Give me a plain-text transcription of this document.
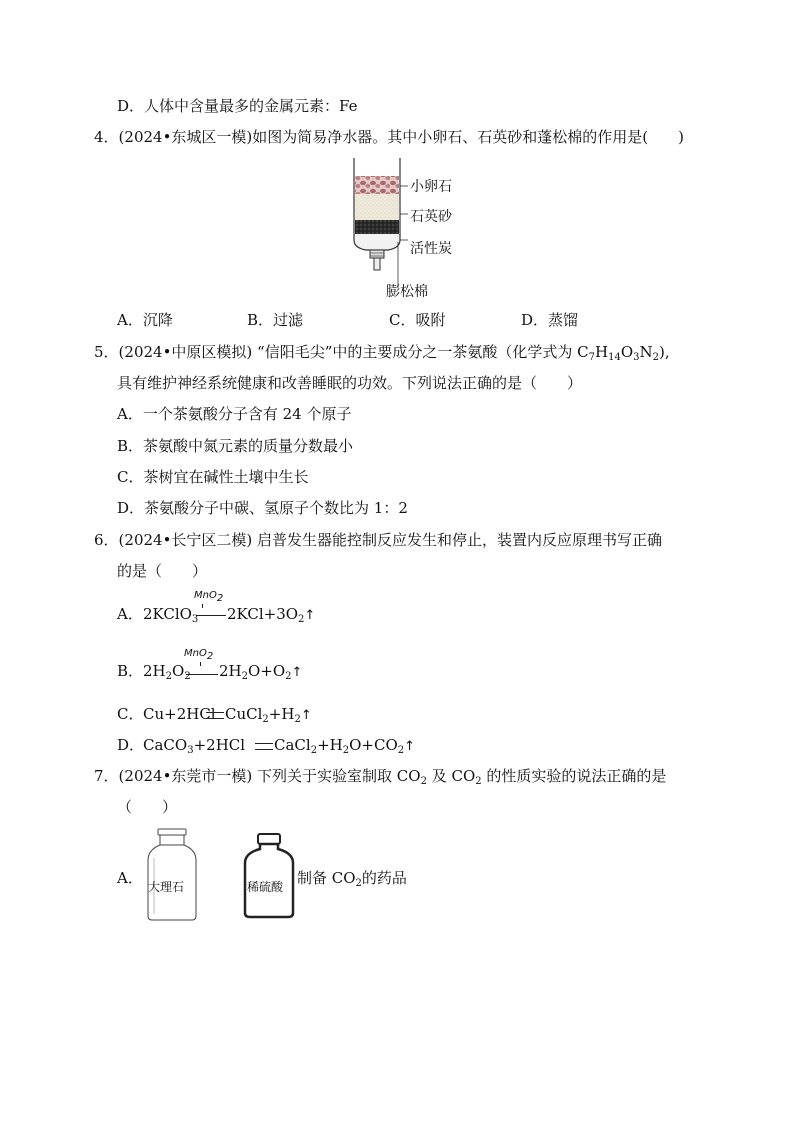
D．人体中含量最多的金属元素：Fe
4．(2024•东城区一模)如图为简易净水器。其中小卵石、石英砂和蓬松棉的作用是(　　)
小卵石
石英砂
活性炭
膨松棉
A．沉降	B．过滤	C．吸附	D．蒸馏
5．(2024•中原区模拟) “信阳毛尖”中的主要成分之一茶氨酸（化学式为 $C_7H_{14}O_3N_2$),
具有维护神经系统健康和改善睡眠的功效。下列说法正确的是（　　）
A．一个茶氨酸分子含有 24 个原子
B．茶氨酸中氮元素的质量分数最小
C．茶树宜在碱性土壤中生长
D．茶氨酸分子中碳、氢原子个数比为 1：2
6．(2024•长宁区二模) 启普发生器能控制反应发生和停止，装置内反应原理书写正确
的是（　　）
MnO$_2$
A． 2KClO$_3$ $2KCl+3O_2↑$
MnO$_2$
B． $2H_2O_2$ $2H_2O+O_2↑$
C． Cu+2HCl $CuCl_2+H_2↑$
D．
CaCO$_3$+2HCl $CaCl_2+H_2O+CO_2↑$
7．(2024•东莞市一模) 下列关于实验室制取 $CO_2$ 及 $CO_2$ 的性质实验的说法正确的是
（　　）
A． 大理石	稀硫酸 制备 $CO_2$的药品
